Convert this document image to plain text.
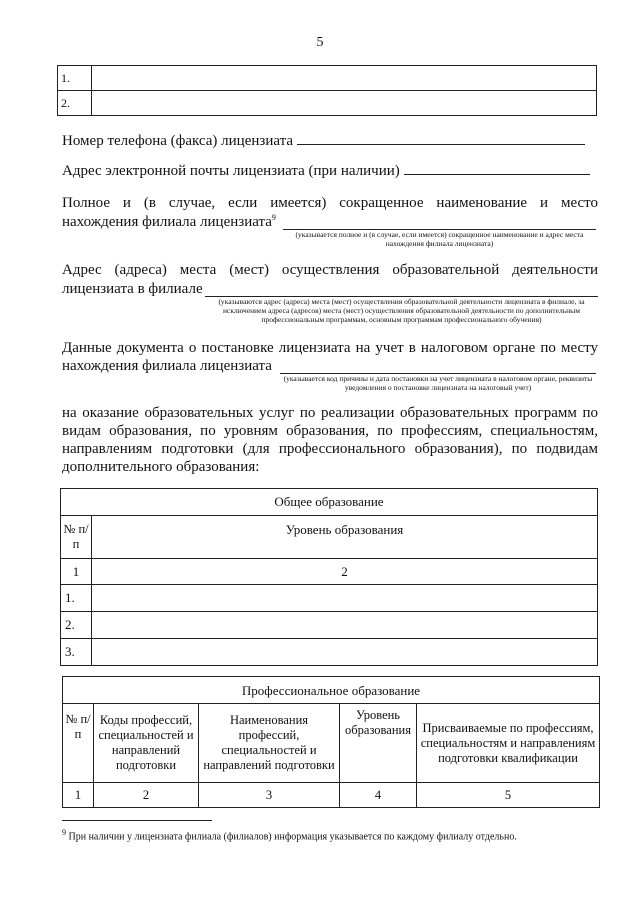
5
1.	
2.	
Номер телефона (факса) лицензиата
Адрес электронной почты лицензиата (при наличии)
Полное и (в случае, если имеется) сокращенное наименование и место
нахождения филиала лицензиата$^9$
(указывается полное и (в случае, если имеется) сокращенное наименование и адрес места нахождения филиала лицензиата)
Адрес (адреса) места (мест) осуществления образовательной деятельности
лицензиата в филиале
(указываются адрес (адреса) места (мест) осуществления образовательной деятельности лицензиата в филиале, за исключением адреса (адресов) места (мест) осуществления образовательной деятельности по дополнительным профессиональным программам, основным программам профессионального обучения)
Данные документа о постановке лицензиата на учет в налоговом органе по месту
нахождения филиала лицензиата
(указывается код причины и дата постановки на учет лицензиата в налоговом органе, реквизиты уведомления о постановке лицензиата на налоговый учет)
на оказание образовательных услуг по реализации образовательных программ по видам образования, по уровням образования, по профессиям, специальностям, направлениям подготовки (для профессионального образования), по подвидам дополнительного образования:
Общее образование	
№ п/п	Уровень образования
1	2
1.	
2.	
3.	
Профессиональное образование				
№ п/п	Коды профессий, специальностей и направлений подготовки	Наименования профессий, специальностей и направлений подготовки	Уровень образования	Присваиваемые по профессиям, специальностям и направлениям подготовки квалификации
1	2	3	4	5
$^9$ При наличии у лицензиата филиала (филиалов) информация указывается по каждому филиалу отдельно.
